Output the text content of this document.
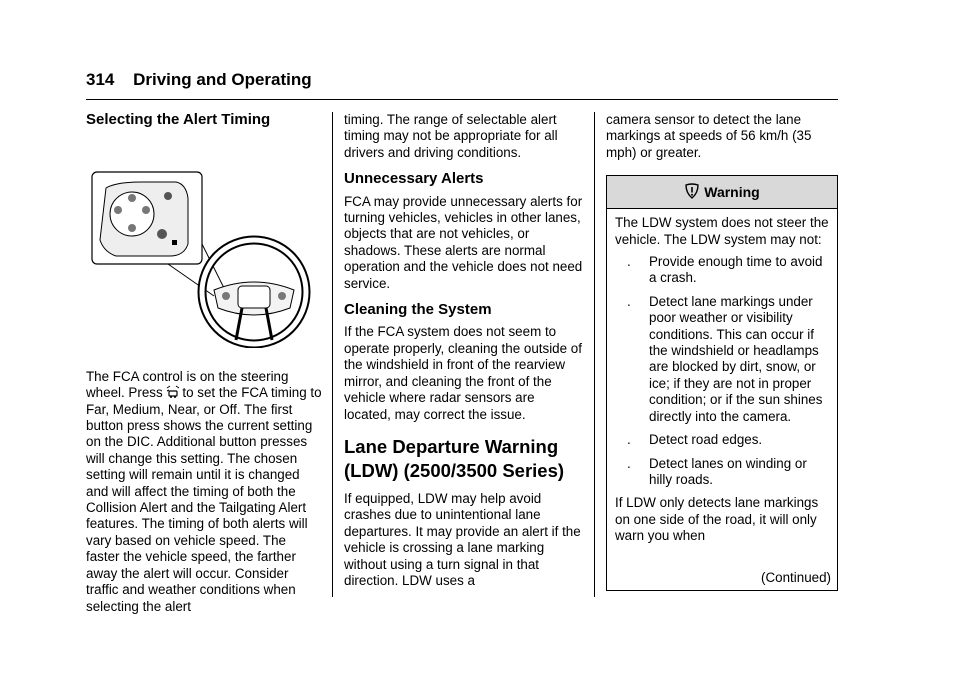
314 Driving and Operating
Selecting the Alert Timing

The FCA control is on the steering
wheel. Press to set the FCA timing to Far, Medium, Near, or Off. The first button press shows the current setting on the DIC. Additional button presses will change this setting. The chosen setting will remain until it is changed and will affect the timing of both the Collision Alert and the Tailgating Alert features. The timing of both alerts will vary based on vehicle speed. The faster the vehicle speed, the farther away the alert will occur. Consider traffic and weather conditions when selecting the alert

timing. The range of selectable alert timing may not be appropriate for all drivers and driving conditions.

Unnecessary Alerts

FCA may provide unnecessary alerts for turning vehicles, vehicles in other lanes, objects that are not vehicles, or shadows. These alerts are normal operation and the vehicle does not need service.

Cleaning the System

If the FCA system does not seem to operate properly, cleaning the outside of the windshield in front of the rearview mirror, and cleaning the front of the vehicle where radar sensors are located, may correct the issue.

Lane Departure Warning (LDW) (2500/3500 Series)

If equipped, LDW may help avoid crashes due to unintentional lane departures. It may provide an alert if the vehicle is crossing a lane marking without using a turn signal in that direction. LDW uses a

camera sensor to detect the lane markings at speeds of 56 km/h (35 mph) or greater.

Warning

The LDW system does not steer the vehicle. The LDW system may not:

. Provide enough time to avoid a crash.
. Detect lane markings under poor weather or visibility conditions. This can occur if the windshield or headlamps are blocked by dirt, snow, or ice; if they are not in proper condition; or if the sun shines directly into the camera.
. Detect road edges.
. Detect lanes on winding or hilly roads.

If LDW only detects lane markings on one side of the road, it will only warn you when

(Continued)
